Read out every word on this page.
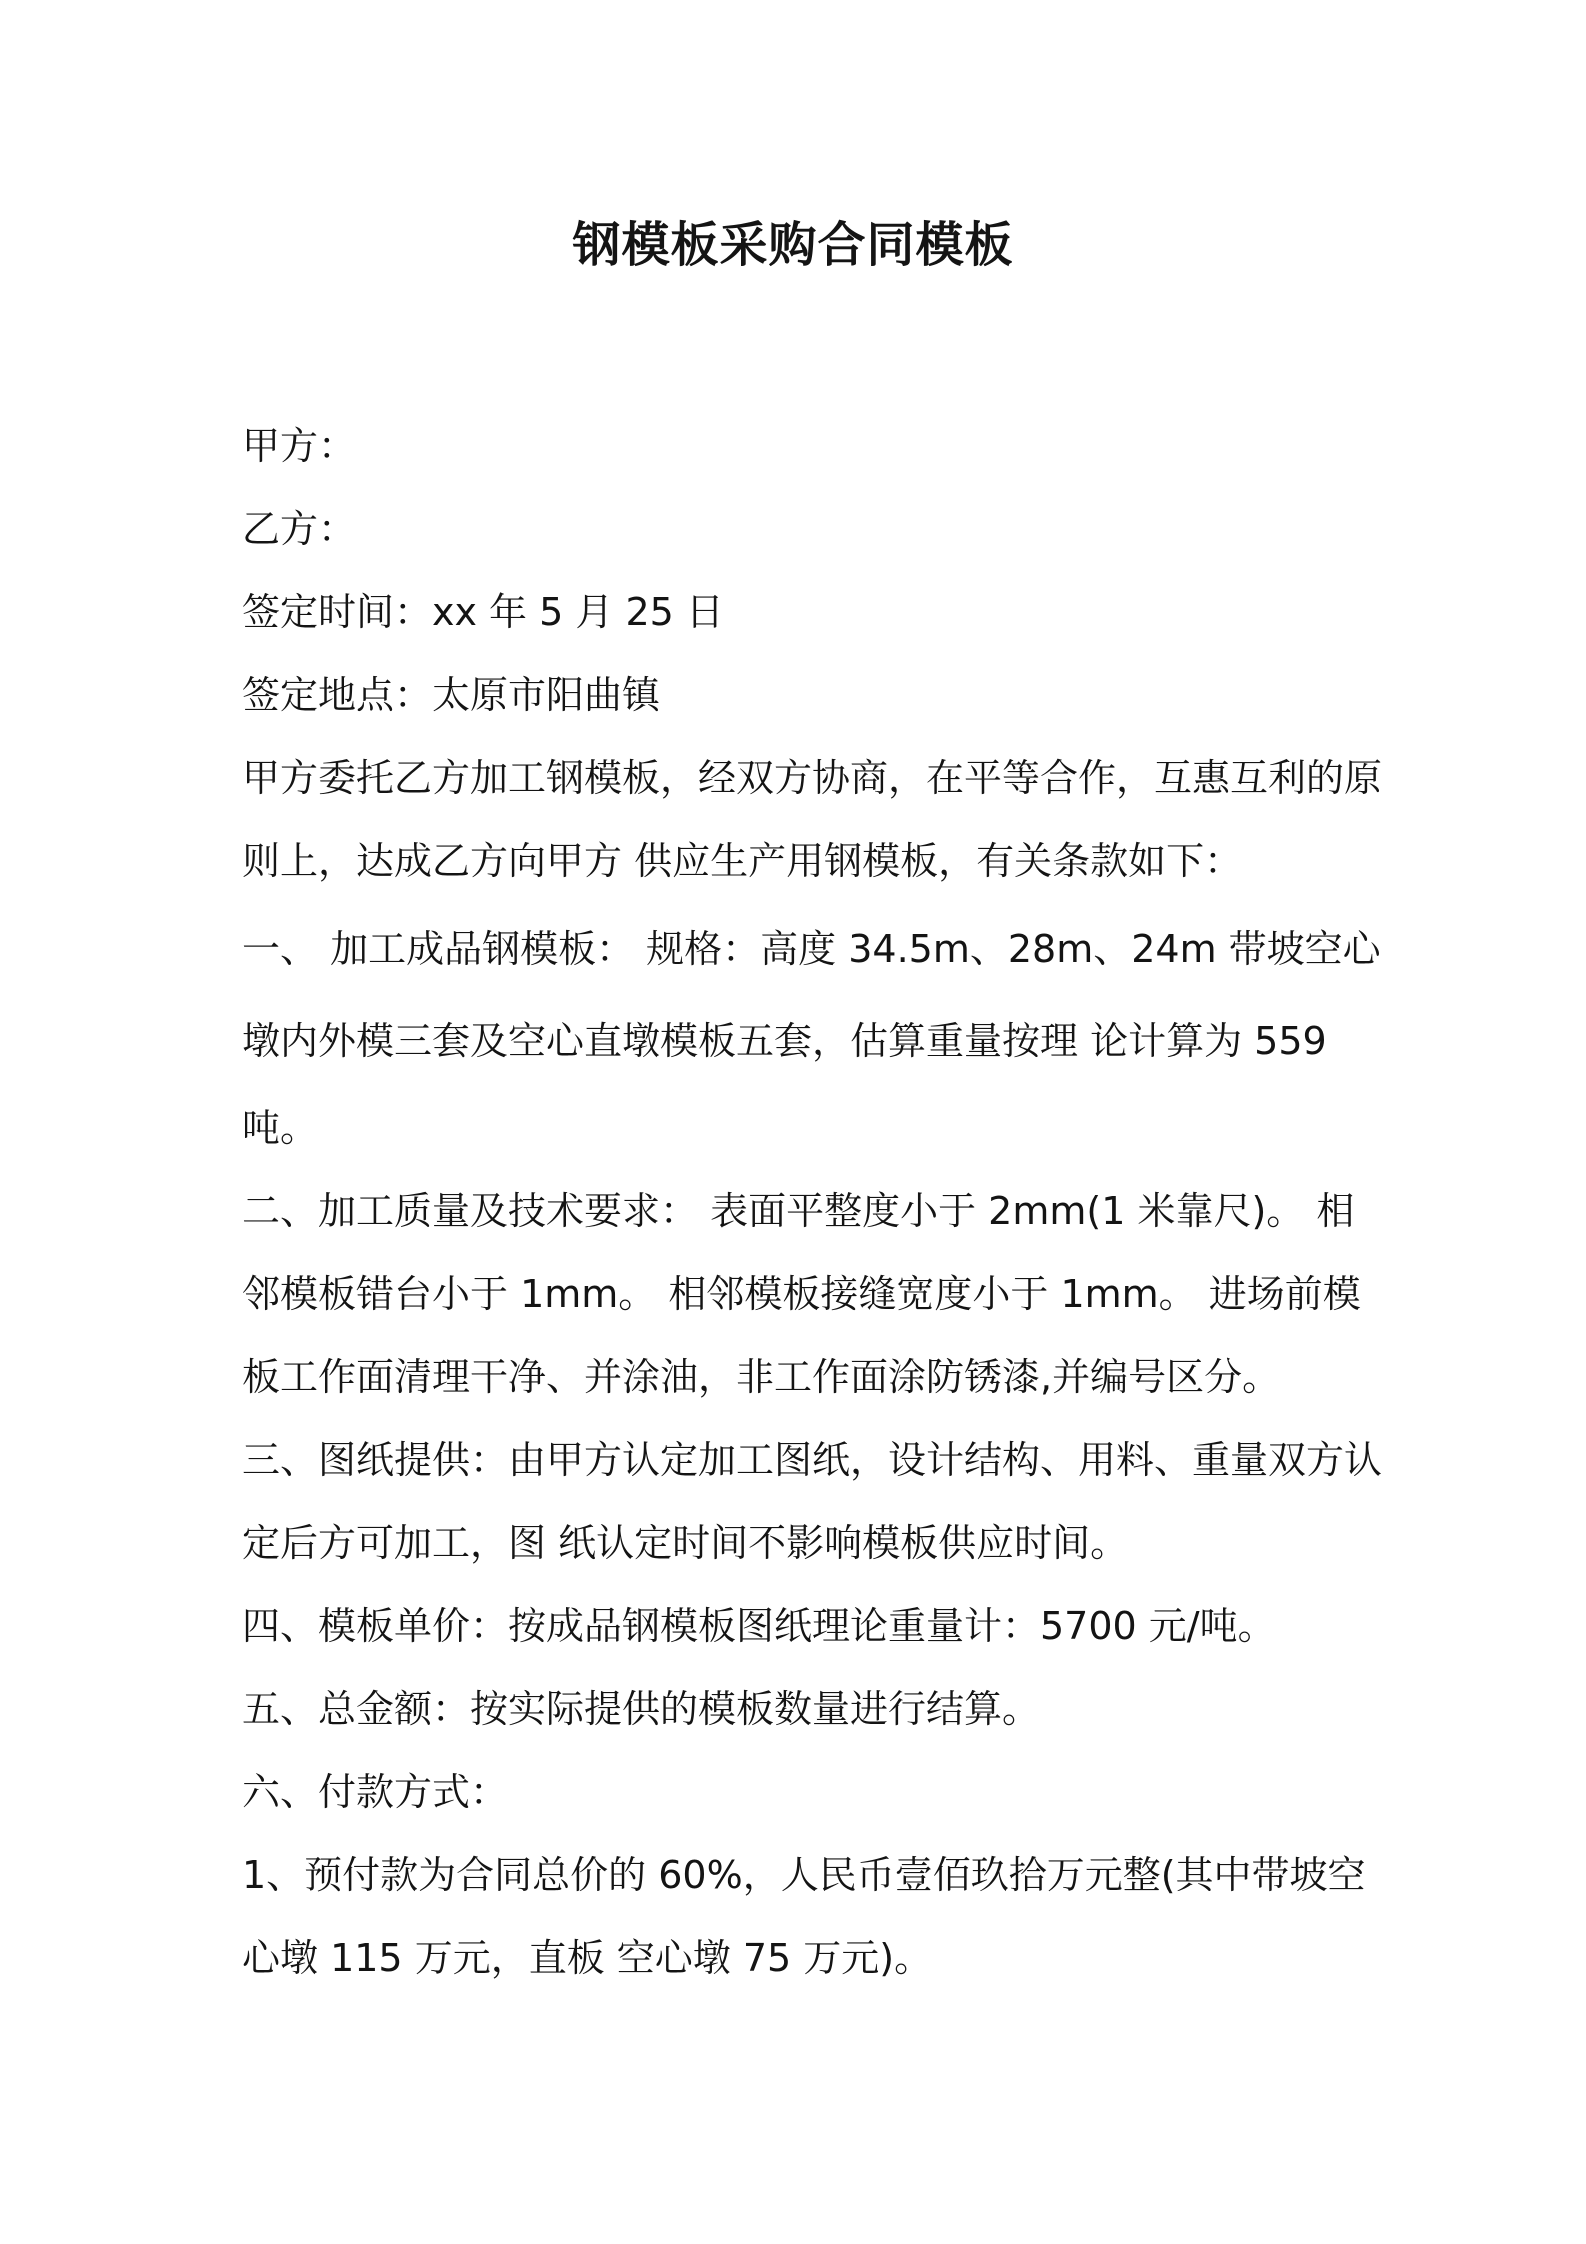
钢模板采购合同模板
甲方：
乙方：
签定时间：xx 年 5 月 25 日
签定地点：太原市阳曲镇
甲方委托乙方加工钢模板，经双方协商，在平等合作，互惠互利的原
则上，达成乙方向甲方 供应生产用钢模板，有关条款如下：
一、 加工成品钢模板： 规格：高度 34.5m、28m、24m 带坡空心
墩内外模三套及空心直墩模板五套，估算重量按理 论计算为 559
吨。
二、加工质量及技术要求： 表面平整度小于 2mm(1 米靠尺)。 相
邻模板错台小于 1mm。 相邻模板接缝宽度小于 1mm。 进场前模
板工作面清理干净、并涂油，非工作面涂防锈漆,并编号区分。
三、图纸提供：由甲方认定加工图纸，设计结构、用料、重量双方认
定后方可加工，图 纸认定时间不影响模板供应时间。
四、模板单价：按成品钢模板图纸理论重量计：5700 元/吨。
五、总金额：按实际提供的模板数量进行结算。
六、付款方式：
1、预付款为合同总价的 60%，人民币壹佰玖拾万元整(其中带坡空
心墩 115 万元，直板 空心墩 75 万元)。
